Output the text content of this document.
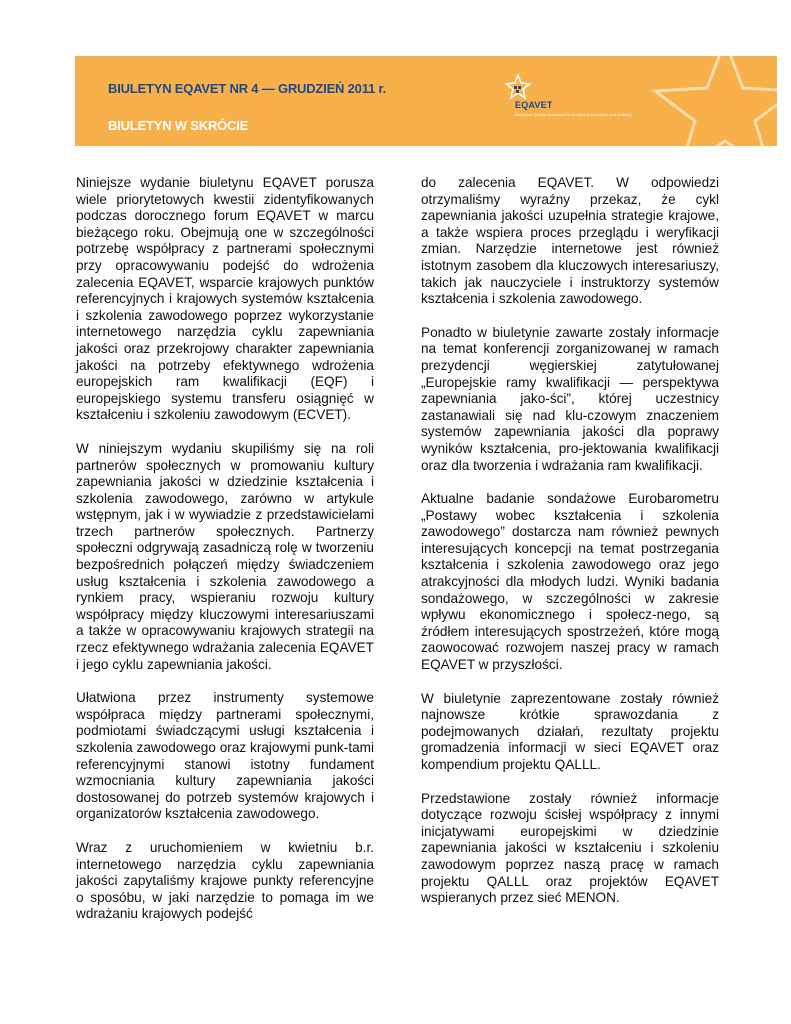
BIULETYN EQAVET NR 4 — GRUDZIEŃ 2011 r.
BIULETYN W SKRÓCIE
EQAVET
European Quality Assurance in Vocational Education and Training

Niniejsze wydanie biuletynu EQAVET porusza wiele priorytetowych kwestii zidentyfikowanych podczas dorocznego forum EQAVET w marcu bieżącego roku. Obejmują one w szczególności potrzebę współpracy z partnerami społecznymi przy opracowywaniu podejść do wdrożenia zalecenia EQAVET, wsparcie krajowych punktów referencyjnych i krajowych systemów kształcenia i szkolenia zawodowego poprzez wykorzystanie internetowego narzędzia cyklu zapewniania jakości oraz przekrojowy charakter zapewniania jakości na potrzeby efektywnego wdrożenia europejskich ram kwalifikacji (EQF) i europejskiego systemu transferu osiągnięć w kształceniu i szkoleniu zawodowym (ECVET).

W niniejszym wydaniu skupiliśmy się na roli partnerów społecznych w promowaniu kultury zapewniania jakości w dziedzinie kształcenia i szkolenia zawodowego, zarówno w artykule wstępnym, jak i w wywiadzie z przedstawicielami trzech partnerów społecznych. Partnerzy społeczni odgrywają zasadniczą rolę w tworzeniu bezpośrednich połączeń między świadczeniem usług kształcenia i szkolenia zawodowego a rynkiem pracy, wspieraniu rozwoju kultury współpracy między kluczowymi interesariuszami a także w opracowywaniu krajowych strategii na rzecz efektywnego wdrażania zalecenia EQAVET i jego cyklu zapewniania jakości.

Ułatwiona przez instrumenty systemowe współpraca między partnerami społecznymi, podmiotami świadczącymi usługi kształcenia i szkolenia zawodowego oraz krajowymi punk-tami referencyjnymi stanowi istotny fundament wzmocniania kultury zapewniania jakości dostosowanej do potrzeb systemów krajowych i organizatorów kształcenia zawodowego.

Wraz z uruchomieniem w kwietniu b.r. internetowego narzędzia cyklu zapewniania jakości zapytaliśmy krajowe punkty referencyjne o sposóbu, w jaki narzędzie to pomaga im we wdrażaniu krajowych podejść

do zalecenia EQAVET. W odpowiedzi otrzymaliśmy wyraźny przekaz, że cykl zapewniania jakości uzupełnia strategie krajowe, a także wspiera proces przeglądu i weryfikacji zmian. Narzędzie internetowe jest również istotnym zasobem dla kluczowych interesariuszy, takich jak nauczyciele i instruktorzy systemów kształcenia i szkolenia zawodowego.

Ponadto w biuletynie zawarte zostały informacje na temat konferencji zorganizowanej w ramach prezydencji węgierskiej zatytułowanej „Europejskie ramy kwalifikacji — perspektywa zapewniania jako-ści”, której uczestnicy zastanawiali się nad klu-czowym znaczeniem systemów zapewniania jakości dla poprawy wyników kształcenia, pro-jektowania kwalifikacji oraz dla tworzenia i wdrażania ram kwalifikacji.

Aktualne badanie sondażowe Eurobarometru „Postawy wobec kształcenia i szkolenia zawodowego” dostarcza nam również pewnych interesujących koncepcji na temat postrzegania kształcenia i szkolenia zawodowego oraz jego atrakcyjności dla młodych ludzi. Wyniki badania sondażowego, w szczególności w zakresie wpływu ekonomicznego i społecz-nego, są źródłem interesujących spostrzeżeń, które mogą zaowocować rozwojem naszej pracy w ramach EQAVET w przyszłości.

W biuletynie zaprezentowane zostały również najnowsze krótkie sprawozdania z podejmowanych działań, rezultaty projektu gromadzenia informacji w sieci EQAVET oraz kompendium projektu QALLL.

Przedstawione zostały również informacje dotyczące rozwoju ścisłej współpracy z innymi inicjatywami europejskimi w dziedzinie zapewniania jakości w kształceniu i szkoleniu zawodowym poprzez naszą pracę w ramach projektu QALLL oraz projektów EQAVET wspieranych przez sieć MENON.
